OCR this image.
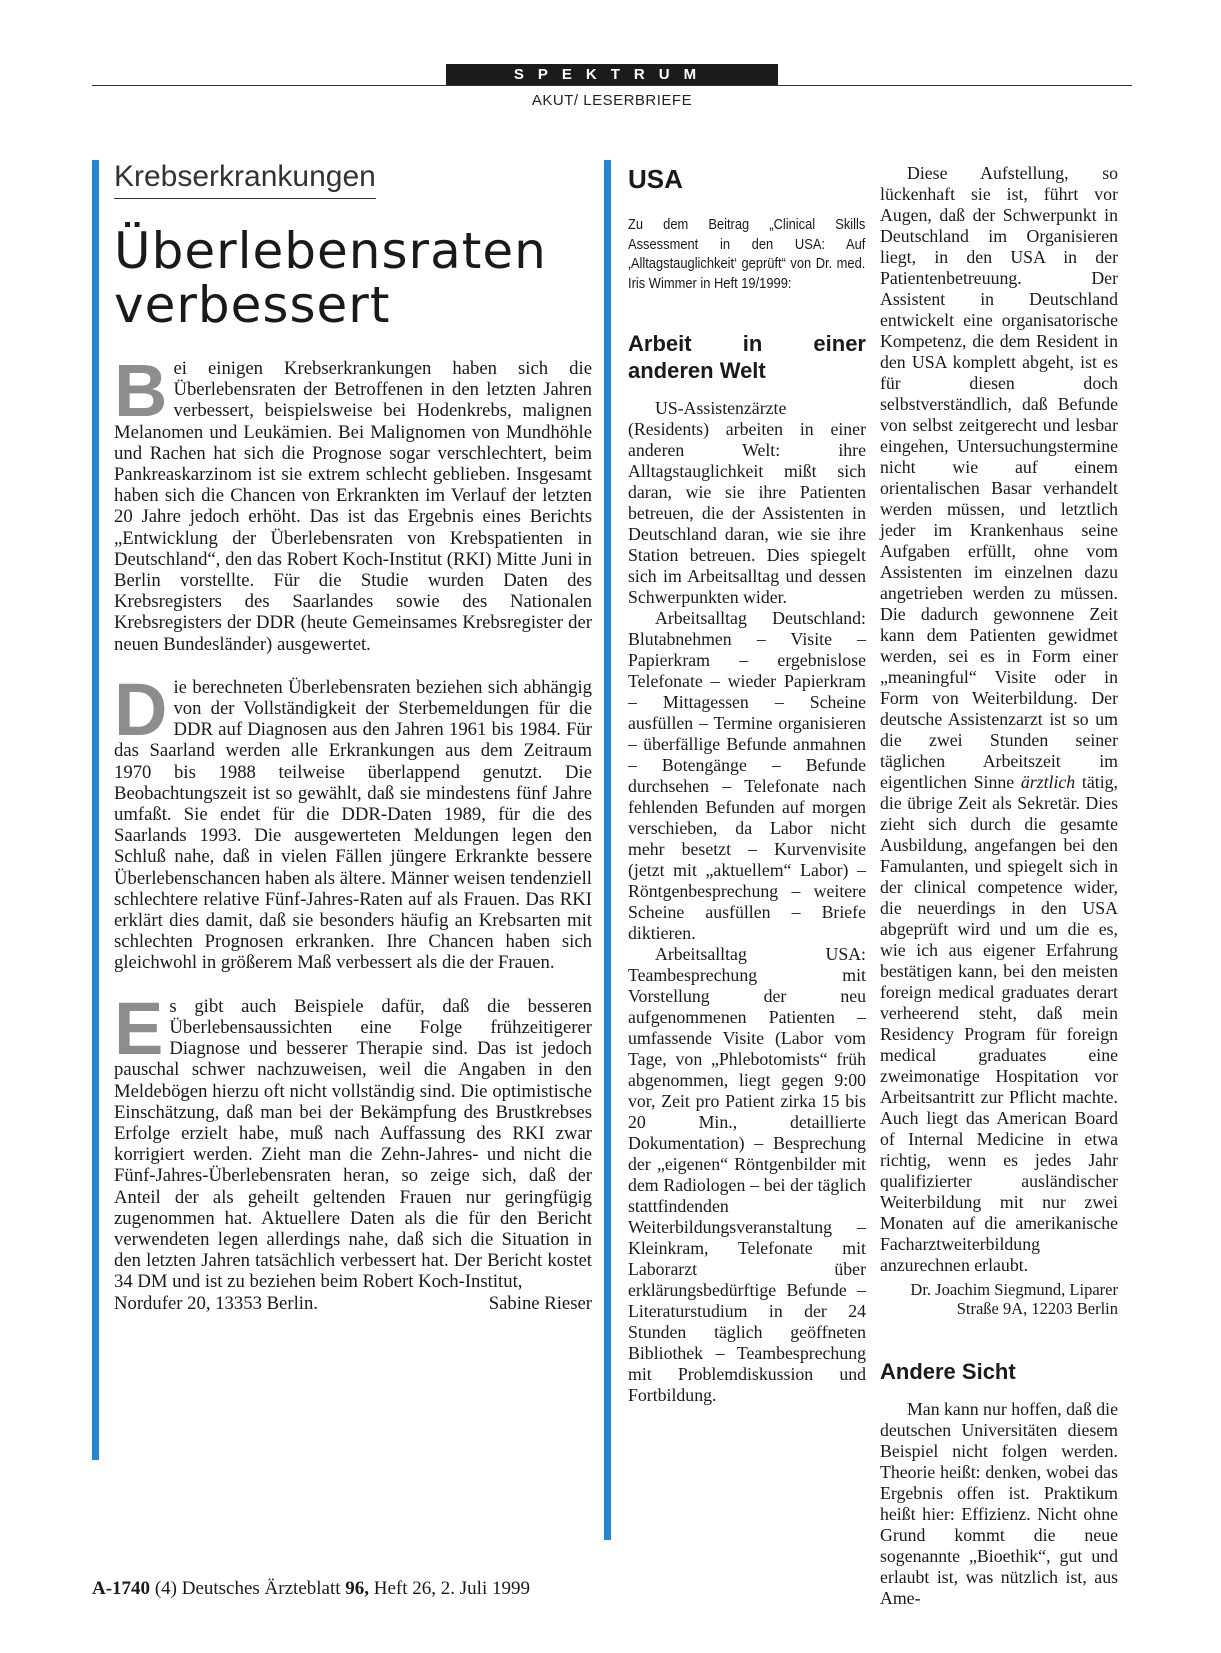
SPEKTRUM
AKUT/ LESERBRIEFE
Krebserkrankungen
Überlebensraten
verbessert

Bei einigen Krebserkrankungen haben sich die Überlebensraten der Betroffenen in den letzten Jahren verbessert, beispielsweise bei Hodenkrebs, malignen Melanomen und Leukämien. Bei Malignomen von Mundhöhle und Rachen hat sich die Prognose sogar verschlechtert, beim Pankreaskarzinom ist sie extrem schlecht geblieben. Insgesamt haben sich die Chancen von Erkrankten im Verlauf der letzten 20 Jahre jedoch erhöht. Das ist das Ergebnis eines Berichts „Entwicklung der Überlebensraten von Krebspatienten in Deutschland“, den das Robert Koch-Institut (RKI) Mitte Juni in Berlin vorstellte. Für die Studie wurden Daten des Krebsregisters des Saarlandes sowie des Nationalen Krebsregisters der DDR (heute Gemeinsames Krebsregister der neuen Bundesländer) ausgewertet.

Die berechneten Überlebensraten beziehen sich abhängig von der Vollständigkeit der Sterbemeldungen für die DDR auf Diagnosen aus den Jahren 1961 bis 1984. Für das Saarland werden alle Erkrankungen aus dem Zeitraum 1970 bis 1988 teilweise überlappend genutzt. Die Beobachtungszeit ist so gewählt, daß sie mindestens fünf Jahre umfaßt. Sie endet für die DDR-Daten 1989, für die des Saarlands 1993. Die ausgewerteten Meldungen legen den Schluß nahe, daß in vielen Fällen jüngere Erkrankte bessere Überlebenschancen haben als ältere. Männer weisen tendenziell schlechtere relative Fünf-Jahres-Raten auf als Frauen. Das RKI erklärt dies damit, daß sie besonders häufig an Krebsarten mit schlechten Prognosen erkranken. Ihre Chancen haben sich gleichwohl in größerem Maß verbessert als die der Frauen.

Es gibt auch Beispiele dafür, daß die besseren Überlebensaussichten eine Folge frühzeitigerer Diagnose und besserer Therapie sind. Das ist jedoch pauschal schwer nachzuweisen, weil die Angaben in den Meldebögen hierzu oft nicht vollständig sind. Die optimistische Einschätzung, daß man bei der Bekämpfung des Brustkrebses Erfolge erzielt habe, muß nach Auffassung des RKI zwar korrigiert werden. Zieht man die Zehn-Jahres- und nicht die Fünf-Jahres-Überlebensraten heran, so zeige sich, daß der Anteil der als geheilt geltenden Frauen nur geringfügig zugenommen hat. Aktuellere Daten als die für den Bericht verwendeten legen allerdings nahe, daß sich die Situation in den letzten Jahren tatsächlich verbessert hat. Der Bericht kostet 34 DM und ist zu beziehen beim Robert Koch-Institut,

Nordufer 20, 13353 Berlin.	Sabine Rieser

USA
Zu dem Beitrag „Clinical Skills Assessment in den USA: Auf ‚Alltagstauglichkeit‘ geprüft“ von Dr. med. Iris Wimmer in Heft 19/1999:
Arbeit in einer anderen Welt

US-Assistenzärzte (Residents) arbeiten in einer anderen Welt: ihre Alltagstauglichkeit mißt sich daran, wie sie ihre Patienten betreuen, die der Assistenten in Deutschland daran, wie sie ihre Station betreuen. Dies spiegelt sich im Arbeitsalltag und dessen Schwerpunkten wider.

Arbeitsalltag Deutschland: Blutabnehmen – Visite – Papierkram – ergebnislose Telefonate – wieder Papierkram – Mittagessen – Scheine ausfüllen – Termine organisieren – überfällige Befunde anmahnen – Botengänge – Befunde durchsehen – Telefonate nach fehlenden Befunden auf morgen verschieben, da Labor nicht mehr besetzt – Kurvenvisite (jetzt mit „aktuellem“ Labor) – Röntgenbesprechung – weitere Scheine ausfüllen – Briefe diktieren.

Arbeitsalltag USA: Teambesprechung mit Vorstellung der neu aufgenommenen Patienten – umfassende Visite (Labor vom Tage, von „Phlebotomists“ früh abgenommen, liegt gegen 9:00 vor, Zeit pro Patient zirka 15 bis 20 Min., detaillierte Dokumentation) – Besprechung der „eigenen“ Röntgenbilder mit dem Radiologen – bei der täglich stattfindenden Weiterbildungsveranstaltung – Kleinkram, Telefonate mit Laborarzt über erklärungsbedürftige Befunde – Literaturstudium in der 24 Stunden täglich geöffneten Bibliothek – Teambesprechung mit Problemdiskussion und Fortbildung.

Diese Aufstellung, so lückenhaft sie ist, führt vor Augen, daß der Schwerpunkt in Deutschland im Organisieren liegt, in den USA in der Patientenbetreuung. Der Assistent in Deutschland entwickelt eine organisatorische Kompetenz, die dem Resident in den USA komplett abgeht, ist es für diesen doch selbstverständlich, daß Befunde von selbst zeitgerecht und lesbar eingehen, Untersuchungstermine nicht wie auf einem orientalischen Basar verhandelt werden müssen, und letztlich jeder im Krankenhaus seine Aufgaben erfüllt, ohne vom Assistenten im einzelnen dazu angetrieben werden zu müssen. Die dadurch gewonnene Zeit kann dem Patienten gewidmet werden, sei es in Form einer „meaningful“ Visite oder in Form von Weiterbildung. Der deutsche Assistenzarzt ist so um die zwei Stunden seiner täglichen Arbeitszeit im eigentlichen Sinne ärztlich tätig, die übrige Zeit als Sekretär. Dies zieht sich durch die gesamte Ausbildung, angefangen bei den Famulanten, und spiegelt sich in der clinical competence wider, die neuerdings in den USA abgeprüft wird und um die es, wie ich aus eigener Erfahrung bestätigen kann, bei den meisten foreign medical graduates derart verheerend steht, daß mein Residency Program für foreign medical graduates eine zweimonatige Hospitation vor Arbeitsantritt zur Pflicht machte. Auch liegt das American Board of Internal Medicine in etwa richtig, wenn es jedes Jahr qualifizierter ausländischer Weiterbildung mit nur zwei Monaten auf die amerikanische Facharztweiterbildung anzurechnen erlaubt.

Dr. Joachim Siegmund, Liparer Straße 9A, 12203 Berlin

Andere Sicht

Man kann nur hoffen, daß die deutschen Universitäten diesem Beispiel nicht folgen werden. Theorie heißt: denken, wobei das Ergebnis offen ist. Praktikum heißt hier: Effizienz. Nicht ohne Grund kommt die neue sogenannte „Bioethik“, gut und erlaubt ist, was nützlich ist, aus Ame-

A-1740 (4) Deutsches Ärzteblatt 96, Heft 26, 2. Juli 1999
